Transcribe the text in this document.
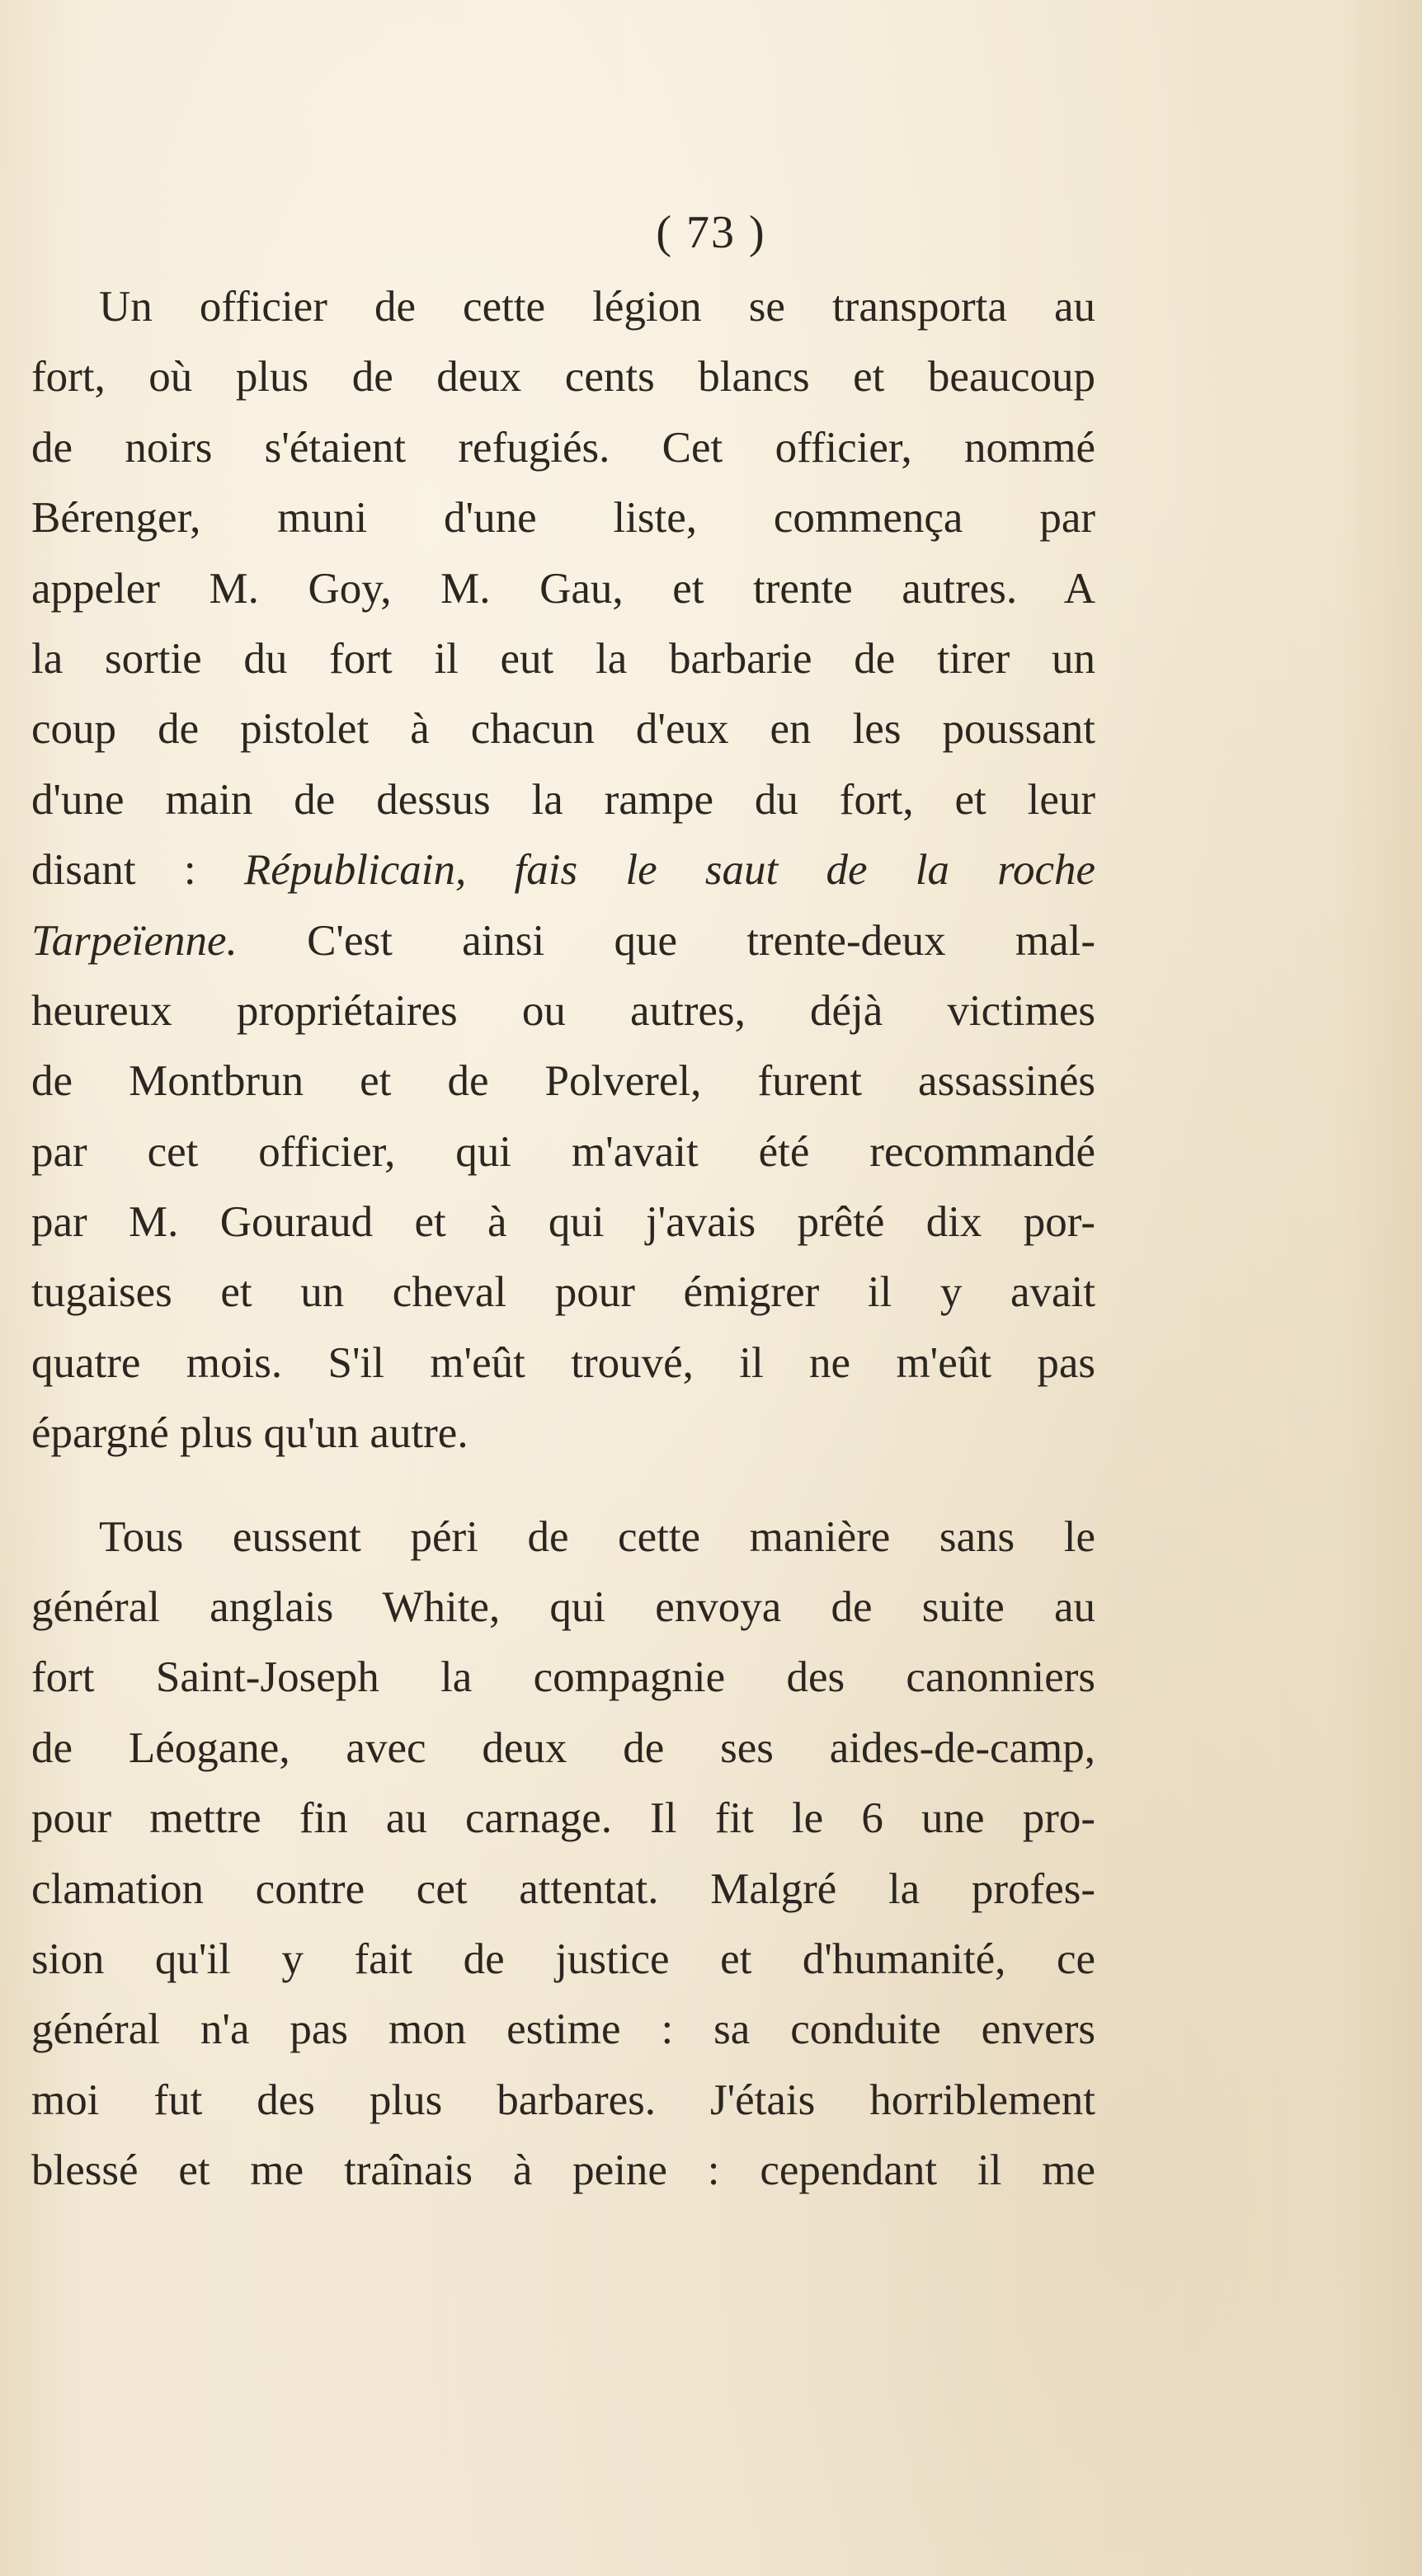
( 73 )
Un officier de cette légion se transporta au
fort, où plus de deux cents blancs et beaucoup
de noirs s'étaient refugiés. Cet officier, nommé
Bérenger, muni d'une liste, commença par
appeler M. Goy, M. Gau, et trente autres. A
la sortie du fort il eut la barbarie de tirer un
coup de pistolet à chacun d'eux en les poussant
d'une main de dessus la rampe du fort, et leur
disant : Républicain, fais le saut de la roche
Tarpeïenne. C'est ainsi que trente-deux mal-
heureux propriétaires ou autres, déjà victimes
de Montbrun et de Polverel, furent assassinés
par cet officier, qui m'avait été recommandé
par M. Gouraud et à qui j'avais prêté dix por-
tugaises et un cheval pour émigrer il y avait
quatre mois. S'il m'eût trouvé, il ne m'eût pas
épargné plus qu'un autre.
Tous eussent péri de cette manière sans le
général anglais White, qui envoya de suite au
fort Saint-Joseph la compagnie des canonniers
de Léogane, avec deux de ses aides-de-camp,
pour mettre fin au carnage. Il fit le 6 une pro-
clamation contre cet attentat. Malgré la profes-
sion qu'il y fait de justice et d'humanité, ce
général n'a pas mon estime : sa conduite envers
moi fut des plus barbares. J'étais horriblement
blessé et me traînais à peine : cependant il me
